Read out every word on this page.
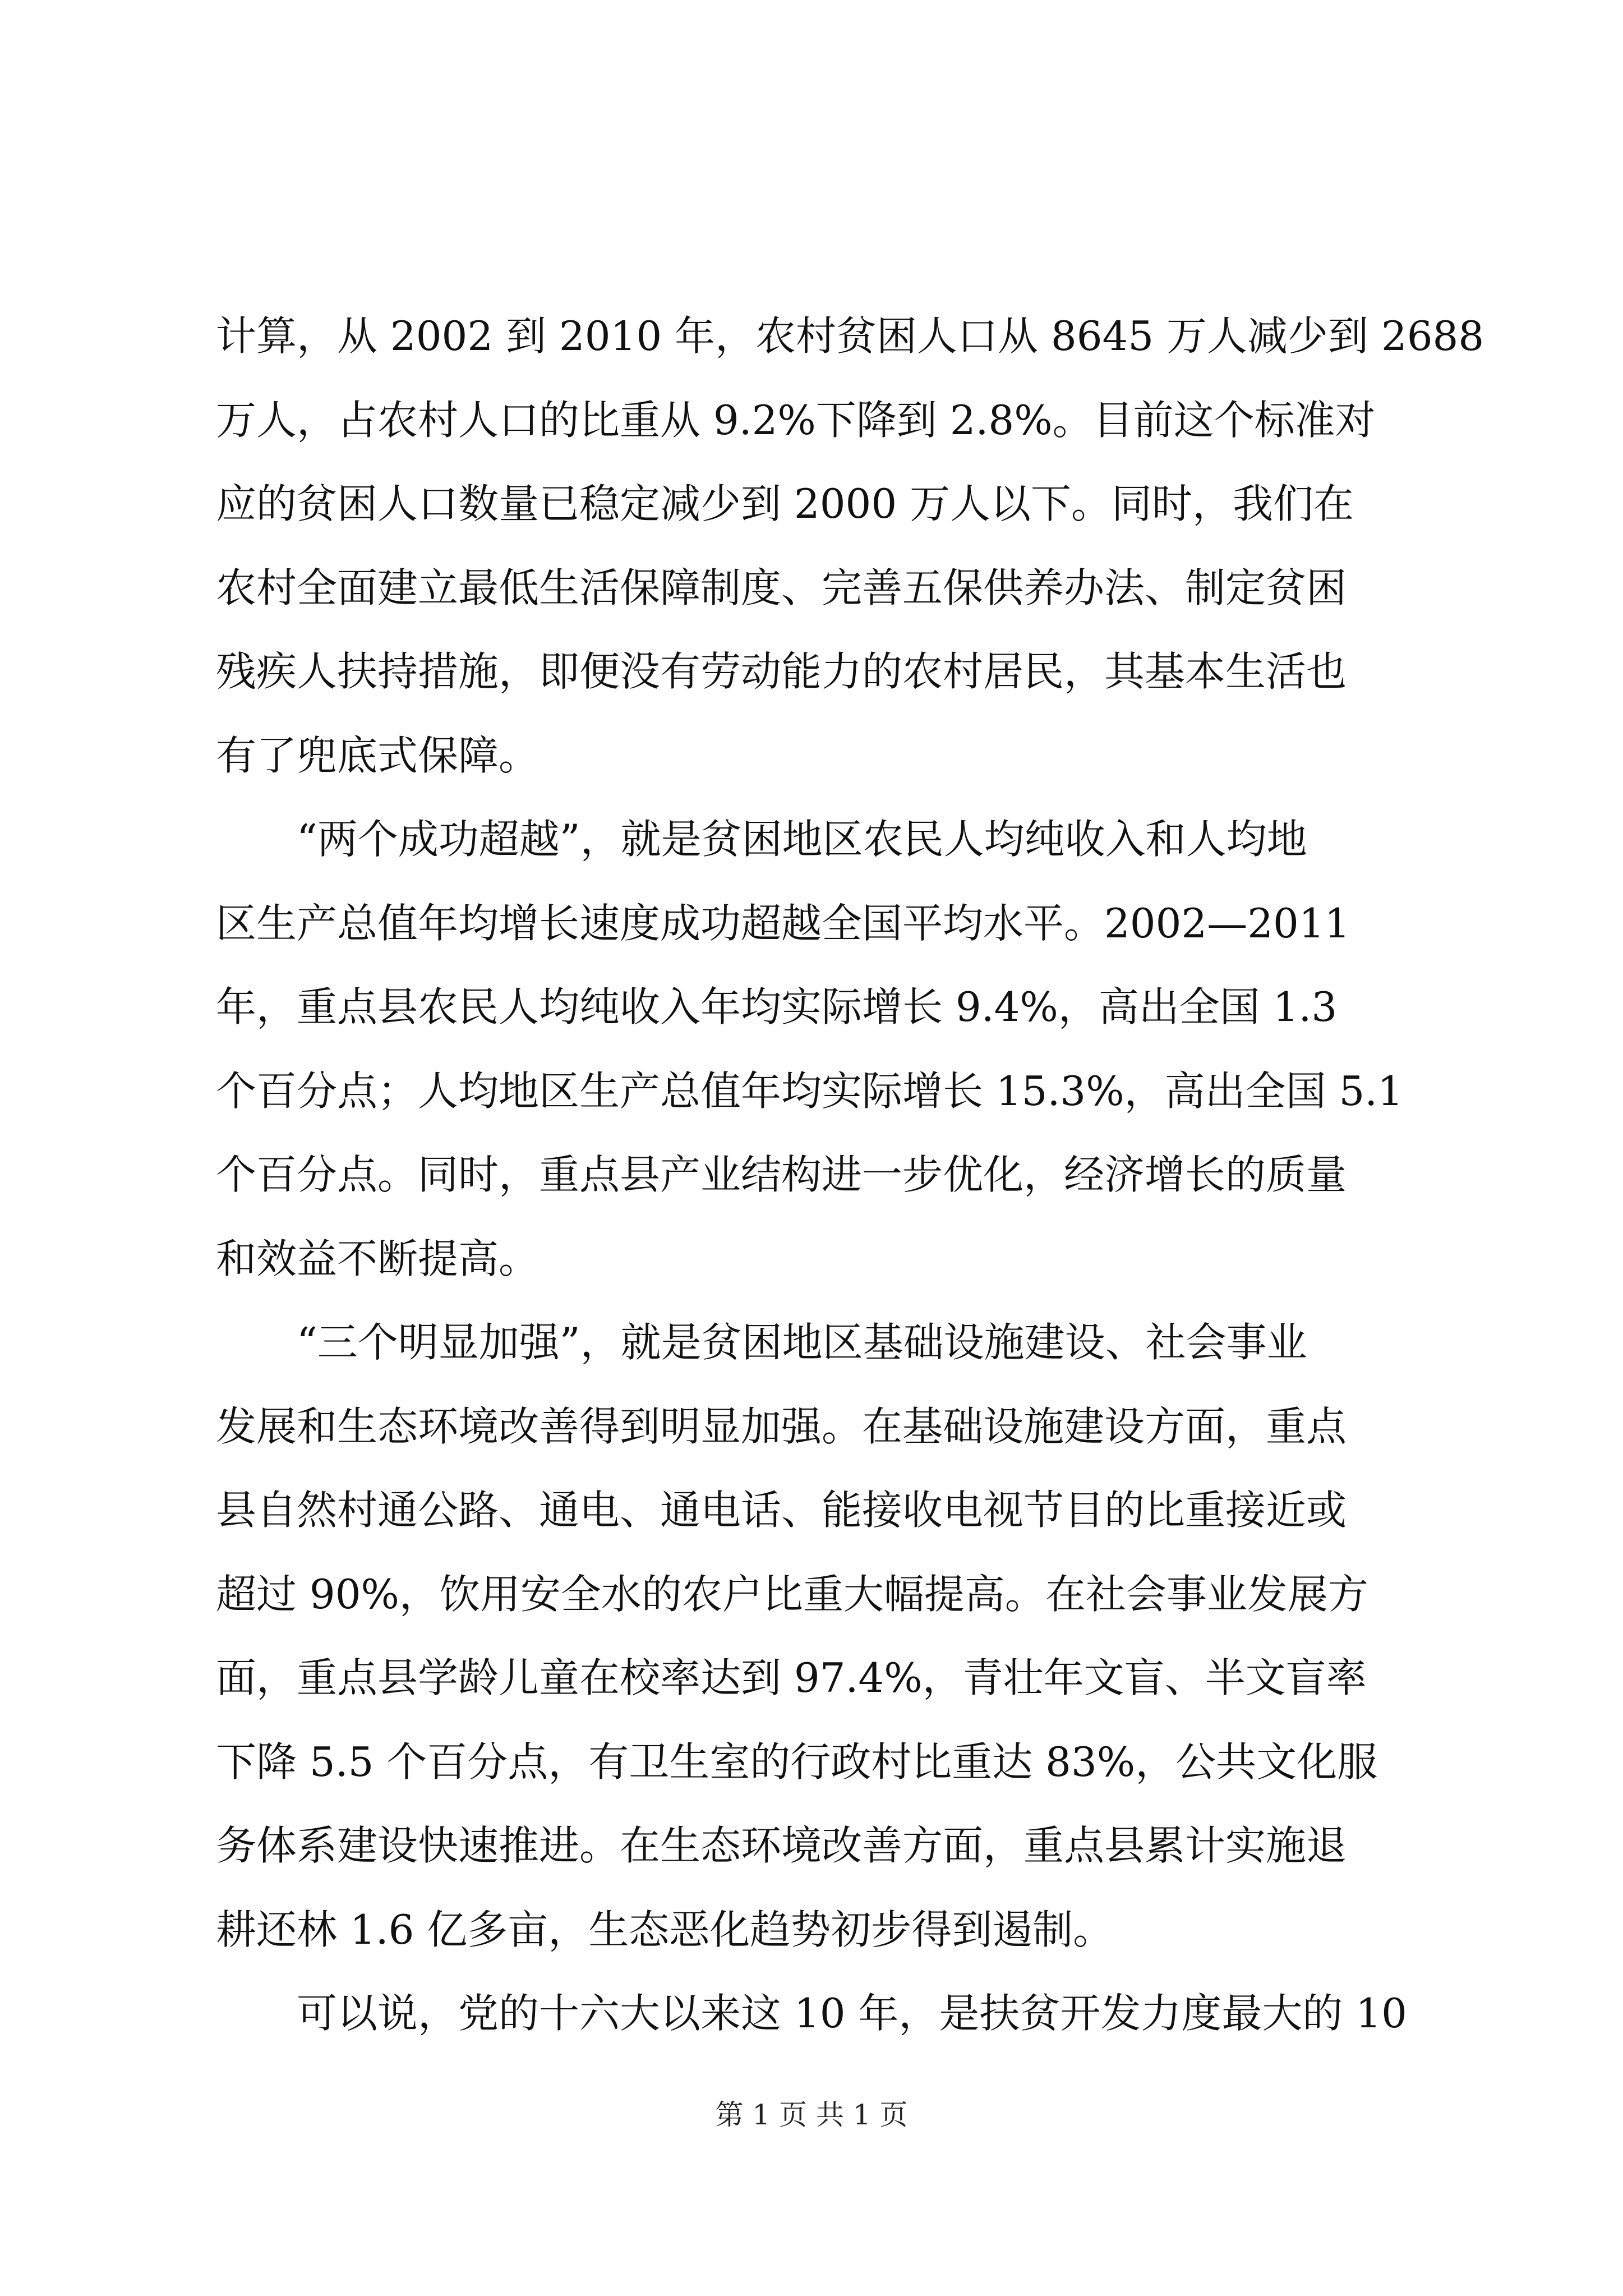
计算，从 2002 到 2010 年，农村贫困人口从 8645 万人减少到 2688
万人，占农村人口的比重从 9.2%下降到 2.8%。目前这个标准对
应的贫困人口数量已稳定减少到 2000 万人以下。同时，我们在
农村全面建立最低生活保障制度、完善五保供养办法、制定贫困
残疾人扶持措施，即便没有劳动能力的农村居民，其基本生活也
有了兜底式保障。
“两个成功超越”，就是贫困地区农民人均纯收入和人均地
区生产总值年均增长速度成功超越全国平均水平。2002—2011
年，重点县农民人均纯收入年均实际增长 9.4%，高出全国 1.3
个百分点；人均地区生产总值年均实际增长 15.3%，高出全国 5.1
个百分点。同时，重点县产业结构进一步优化，经济增长的质量
和效益不断提高。
“三个明显加强”，就是贫困地区基础设施建设、社会事业
发展和生态环境改善得到明显加强。在基础设施建设方面，重点
县自然村通公路、通电、通电话、能接收电视节目的比重接近或
超过 90%，饮用安全水的农户比重大幅提高。在社会事业发展方
面，重点县学龄儿童在校率达到 97.4%，青壮年文盲、半文盲率
下降 5.5 个百分点，有卫生室的行政村比重达 83%，公共文化服
务体系建设快速推进。在生态环境改善方面，重点县累计实施退
耕还林 1.6 亿多亩，生态恶化趋势初步得到遏制。
可以说，党的十六大以来这 10 年，是扶贫开发力度最大的 10
第 1 页 共 1 页
